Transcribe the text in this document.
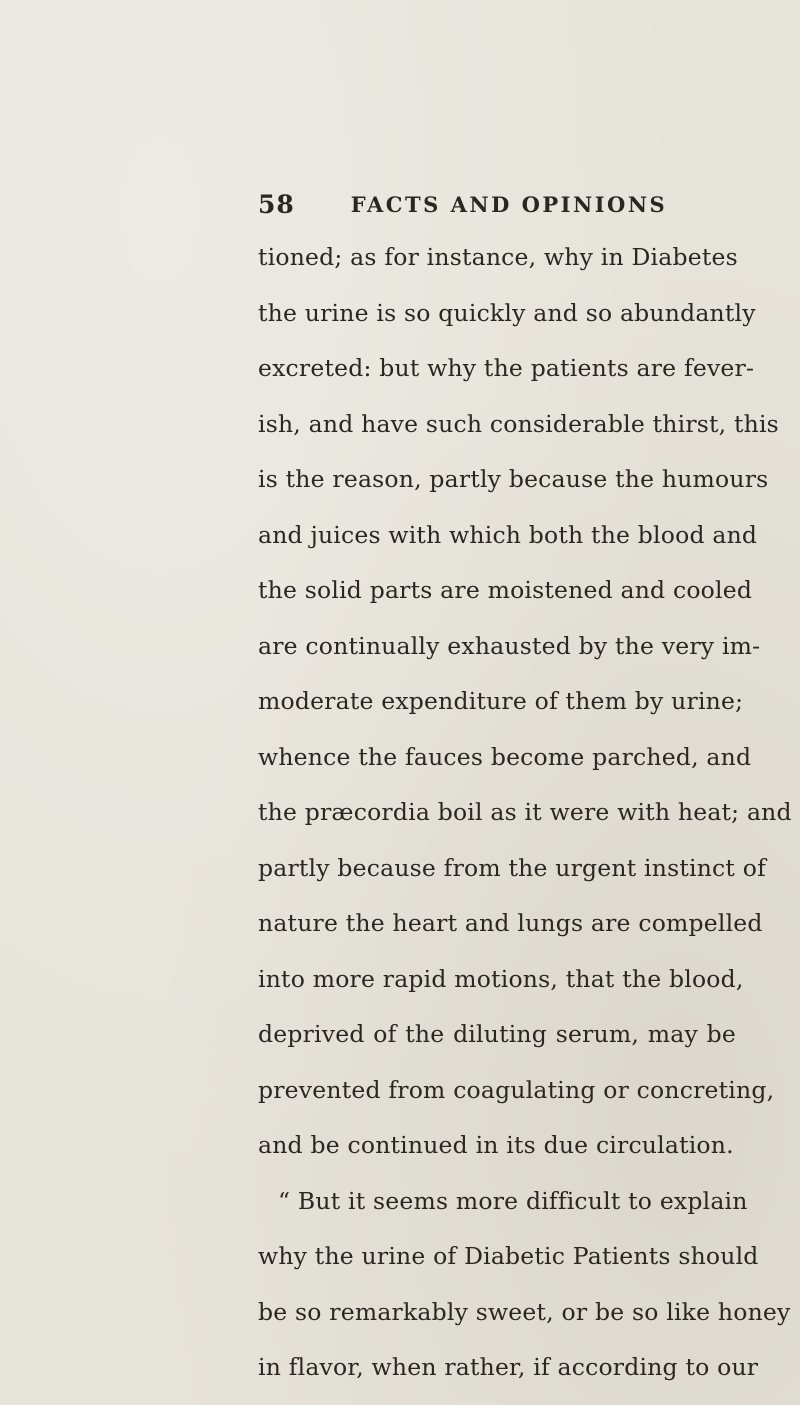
58	FACTS AND OPINIONS
tioned; as for instance, why in Diabetes
the urine is so quickly and so abundantly
excreted: but why the patients are fever-
ish, and have such considerable thirst, this
is the reason, partly because the humours
and juices with which both the blood and
the solid parts are moistened and cooled
are continually exhausted by the very im-
moderate expenditure of them by urine;
whence the fauces become parched, and
the præcordia boil as it were with heat; and
partly because from the urgent instinct of
nature the heart and lungs are compelled
into more rapid motions, that the blood,
deprived of the diluting serum, may be
prevented from coagulating or concreting,
and be continued in its due circulation.
“ But it seems more difficult to explain
why the urine of Diabetic Patients should
be so remarkably sweet, or be so like honey
in flavor, when rather, if according to our
